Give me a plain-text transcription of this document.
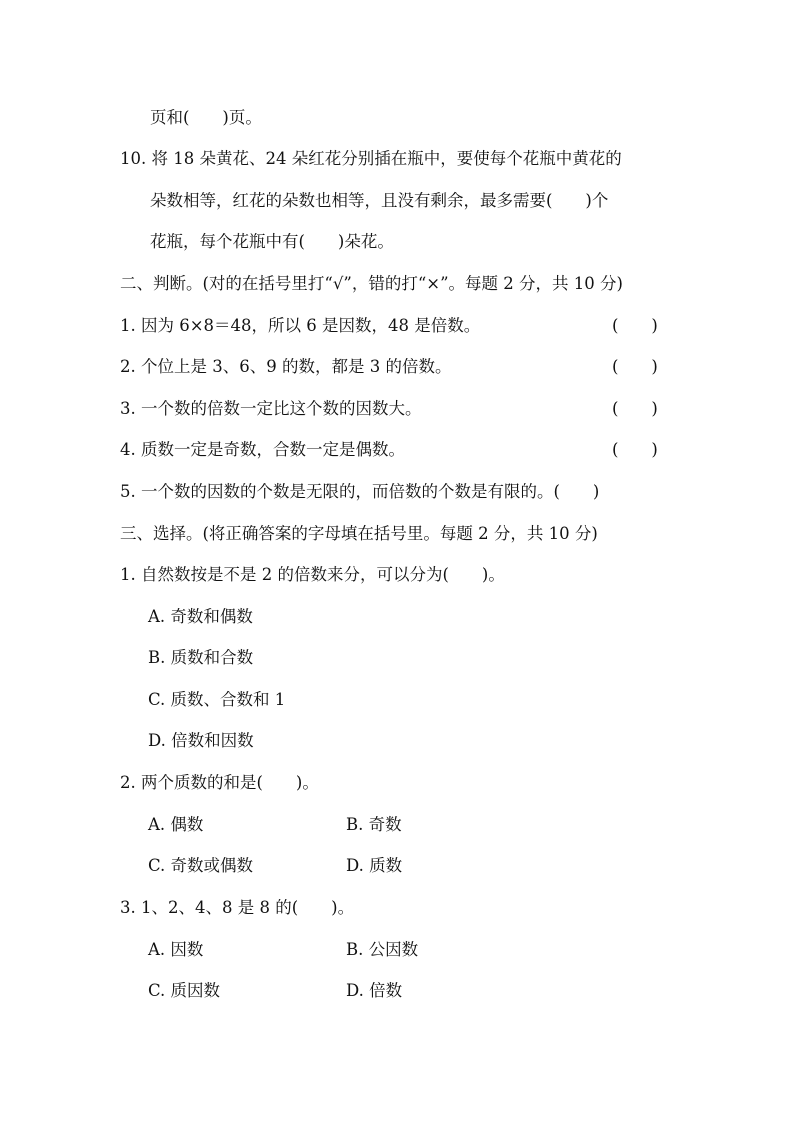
页和(　　)页。
10. 将 18 朵黄花、24 朵红花分别插在瓶中，要使每个花瓶中黄花的
朵数相等，红花的朵数也相等，且没有剩余，最多需要(　　)个
花瓶，每个花瓶中有(　　)朵花。
二、判断。(对的在括号里打“√”，错的打“×”。每题 2 分，共 10 分)
1. 因为 6×8＝48，所以 6 是因数，48 是倍数。	(　　)
2. 个位上是 3、6、9 的数，都是 3 的倍数。	(　　)
3. 一个数的倍数一定比这个数的因数大。	(　　)
4. 质数一定是奇数，合数一定是偶数。	(　　)
5. 一个数的因数的个数是无限的，而倍数的个数是有限的。(　　)
三、选择。(将正确答案的字母填在括号里。每题 2 分，共 10 分)
1. 自然数按是不是 2 的倍数来分，可以分为(　　)。
A. 奇数和偶数
B. 质数和合数
C. 质数、合数和 1
D. 倍数和因数
2. 两个质数的和是(　　)。
A. 偶数	B. 奇数
C. 奇数或偶数	D. 质数
3. 1、2、4、8 是 8 的(　　)。
A. 因数	B. 公因数
C. 质因数	D. 倍数
